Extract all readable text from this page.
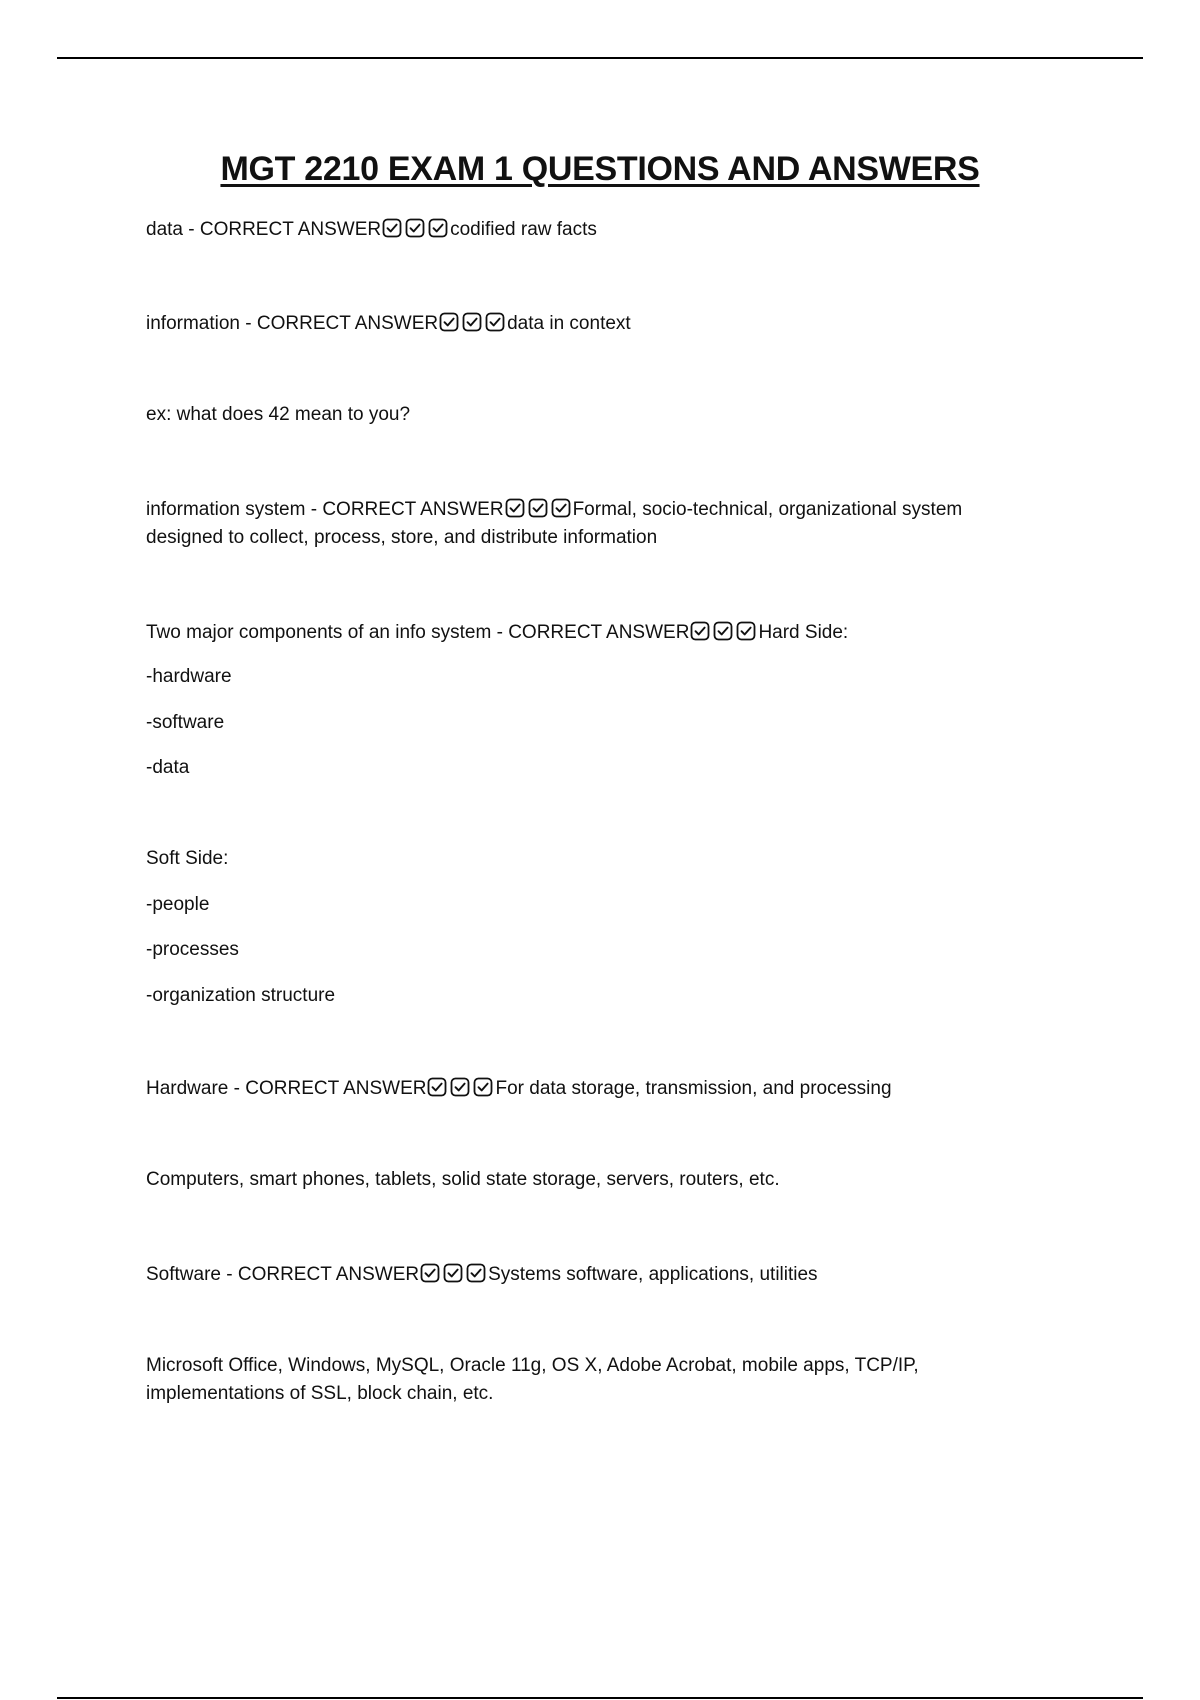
MGT 2210 EXAM 1 QUESTIONS AND ANSWERS
data - CORRECT ANSWER	codified raw facts
information - CORRECT ANSWER	data in context
ex: what does 42 mean to you?
information system - CORRECT ANSWER	Formal, socio-technical, organizational system
designed to collect, process, store, and distribute information
Two major components of an info system - CORRECT ANSWER	Hard Side:
-hardware
-software
-data
Soft Side:
-people
-processes
-organization structure
Hardware - CORRECT ANSWER	For data storage, transmission, and processing
Computers, smart phones, tablets, solid state storage, servers, routers, etc.
Software - CORRECT ANSWER	Systems software, applications, utilities
Microsoft Office, Windows, MySQL, Oracle 11g, OS X, Adobe Acrobat, mobile apps, TCP/IP,
implementations of SSL, block chain, etc.
